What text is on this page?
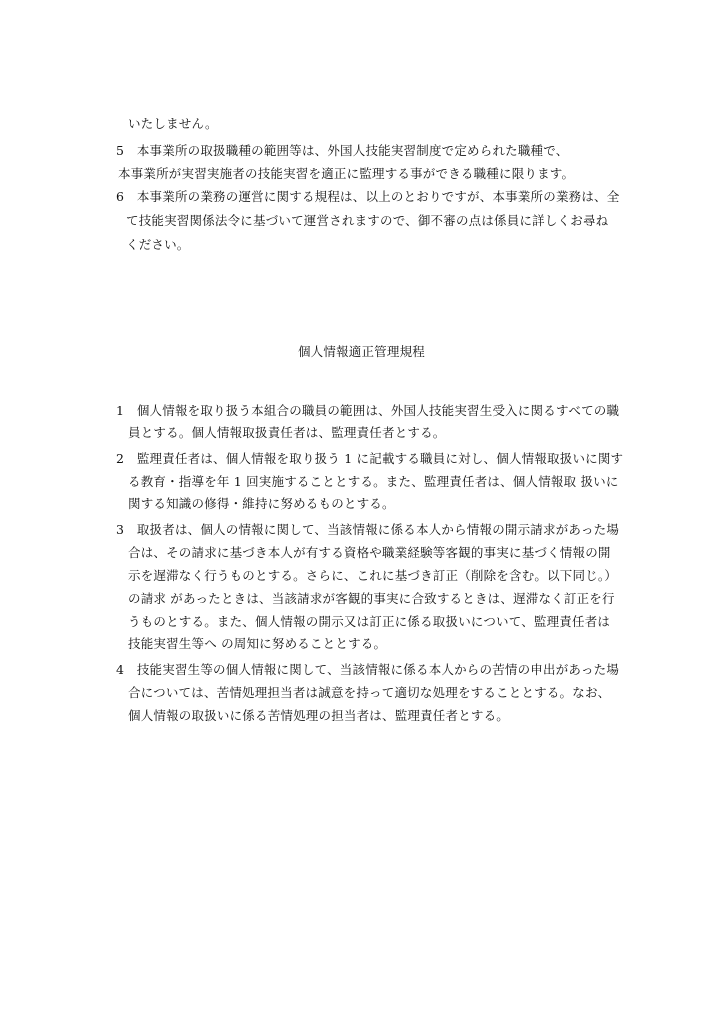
いたしません。
5　本事業所の取扱職種の範囲等は、外国人技能実習制度で定められた職種で、
本事業所が実習実施者の技能実習を適正に監理する事ができる職種に限ります。
6　本事業所の業務の運営に関する規程は、以上のとおりですが、本事業所の業務は、全
て技能実習関係法令に基づいて運営されますので、御不審の点は係員に詳しくお尋ね
ください。
個人情報適正管理規程
1　個人情報を取り扱う本組合の職員の範囲は、外国人技能実習生受入に関るすべての職
員とする。個人情報取扱責任者は、監理責任者とする。
2　監理責任者は、個人情報を取り扱う 1 に記載する職員に対し、個人情報取扱いに関す
る教育・指導を年 1 回実施することとする。また、監理責任者は、個人情報取 扱いに
関する知識の修得・維持に努めるものとする。
3　取扱者は、個人の情報に関して、当該情報に係る本人から情報の開示請求があった場
合は、その請求に基づき本人が有する資格や職業経験等客観的事実に基づく情報の開
示を遅滞なく行うものとする。さらに、これに基づき訂正（削除を含む。以下同じ。）
の請求 があったときは、当該請求が客観的事実に合致するときは、遅滞なく訂正を行
うものとする。また、個人情報の開示又は訂正に係る取扱いについて、監理責任者は
技能実習生等へ の周知に努めることとする。
4　技能実習生等の個人情報に関して、当該情報に係る本人からの苦情の申出があった場
合については、苦情処理担当者は誠意を持って適切な処理をすることとする。なお、
個人情報の取扱いに係る苦情処理の担当者は、監理責任者とする。
